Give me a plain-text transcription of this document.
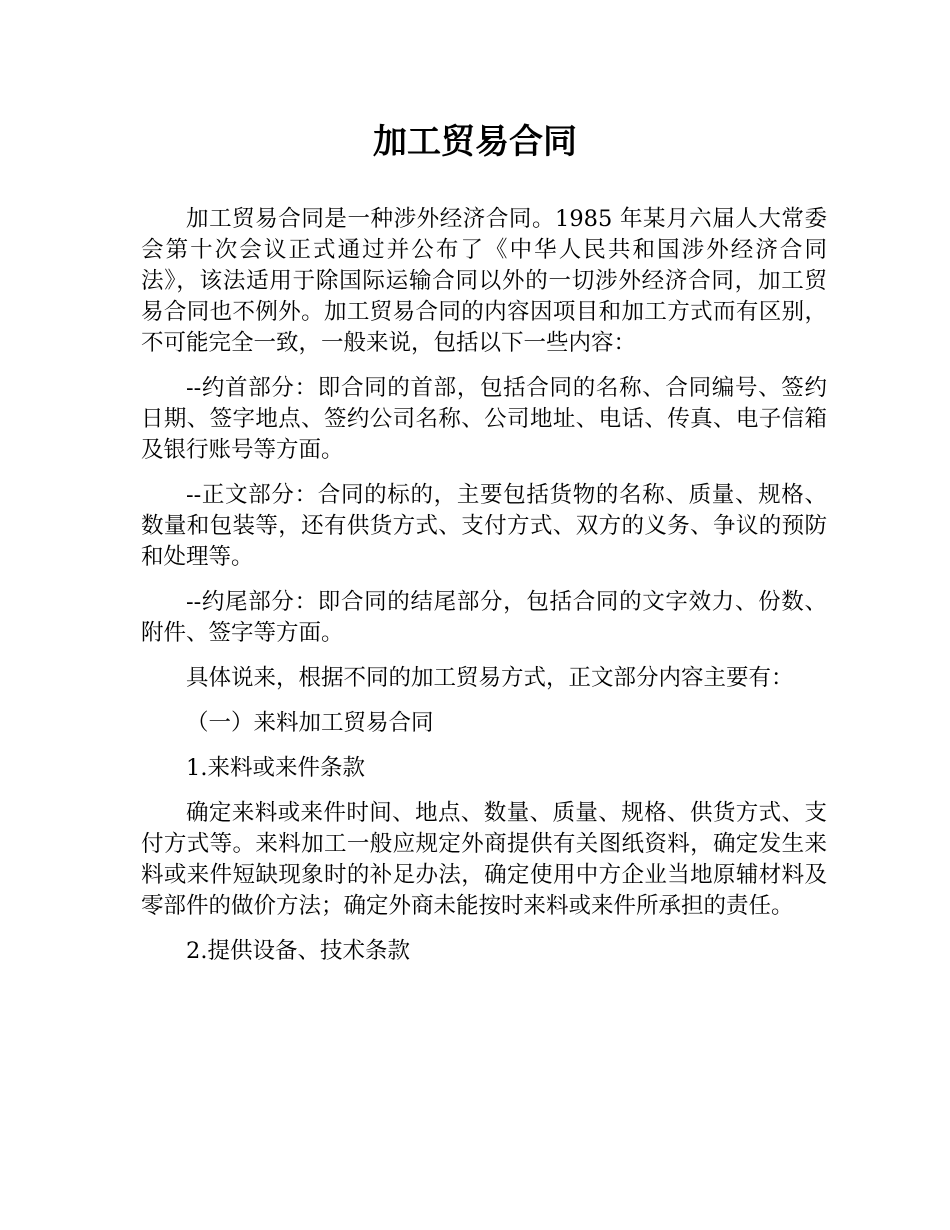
加工贸易合同

加工贸易合同是一种涉外经济合同。1985 年某月六届人大常委会第十次会议正式通过并公布了《中华人民共和国涉外经济合同法》，该法适用于除国际运输合同以外的一切涉外经济合同，加工贸易合同也不例外。加工贸易合同的内容因项目和加工方式而有区别，不可能完全一致，一般来说，包括以下一些内容：

--约首部分：即合同的首部，包括合同的名称、合同编号、签约日期、签字地点、签约公司名称、公司地址、电话、传真、电子信箱及银行账号等方面。

--正文部分：合同的标的，主要包括货物的名称、质量、规格、数量和包装等，还有供货方式、支付方式、双方的义务、争议的预防和处理等。

--约尾部分：即合同的结尾部分，包括合同的文字效力、份数、附件、签字等方面。

具体说来，根据不同的加工贸易方式，正文部分内容主要有：

（一）来料加工贸易合同

1.来料或来件条款

确定来料或来件时间、地点、数量、质量、规格、供货方式、支付方式等。来料加工一般应规定外商提供有关图纸资料，确定发生来料或来件短缺现象时的补足办法，确定使用中方企业当地原辅材料及零部件的做价方法；确定外商未能按时来料或来件所承担的责任。

2.提供设备、技术条款
